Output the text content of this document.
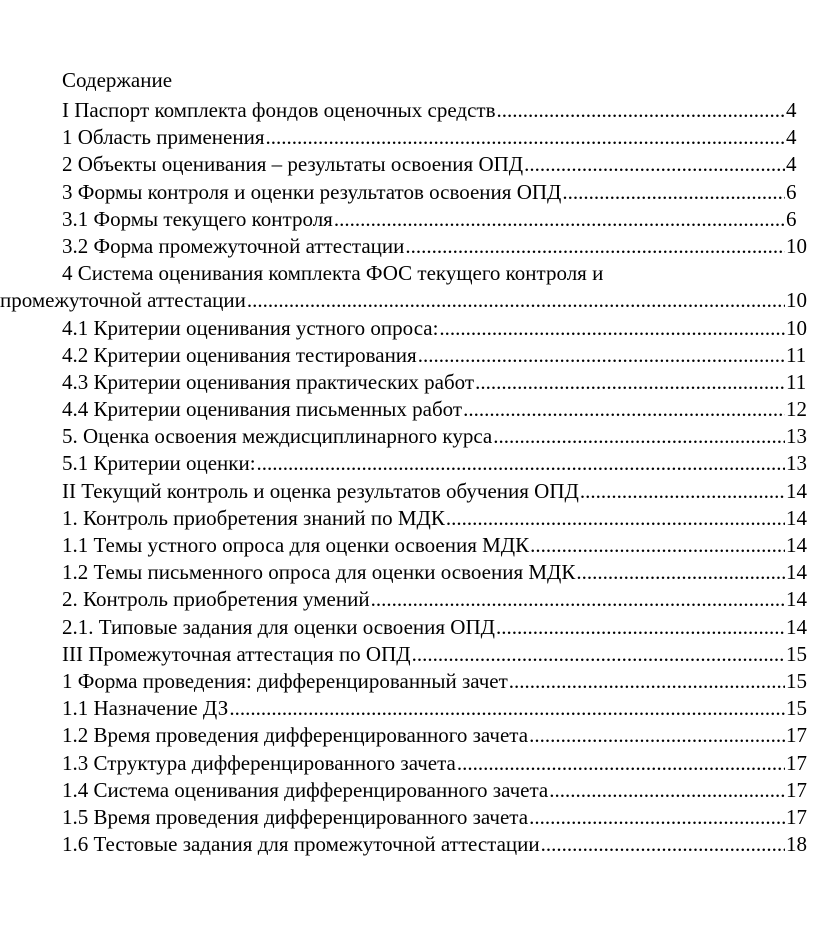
Содержание
I Паспорт комплекта фондов оценочных средств .....	4
1 Область применения .....	4
2 Объекты оценивания – результаты освоения ОПД .....	4
3 Формы контроля и оценки результатов освоения ОПД .....	6
3.1 Формы текущего контроля .....	6
3.2 Форма промежуточной аттестации .....	10
4 Система оценивания комплекта ФОС текущего контроля и
промежуточной аттестации .....	10
4.1 Критерии оценивания устного опроса: .....	10
4.2 Критерии оценивания тестирования .....	11
4.3 Критерии оценивания практических работ .....	11
4.4 Критерии оценивания письменных работ .....	12
5. Оценка освоения междисциплинарного курса .....	13
5.1 Критерии оценки: .....	13
II Текущий контроль и оценка результатов обучения ОПД .....	14
1. Контроль приобретения знаний по МДК .....	14
1.1 Темы устного опроса для оценки освоения МДК .....	14
1.2 Темы письменного опроса для оценки освоения МДК .....	14
2. Контроль приобретения умений .....	14
2.1. Типовые задания для оценки освоения ОПД .....	14
III Промежуточная аттестация по ОПД .....	15
1 Форма проведения: дифференцированный зачет .....	15
1.1 Назначение ДЗ .....	15
1.2 Время проведения дифференцированного зачета .....	17
1.3 Структура дифференцированного зачета .....	17
1.4 Система оценивания дифференцированного зачета .....	17
1.5 Время проведения дифференцированного зачета .....	17
1.6 Тестовые задания для промежуточной аттестации .....	18
